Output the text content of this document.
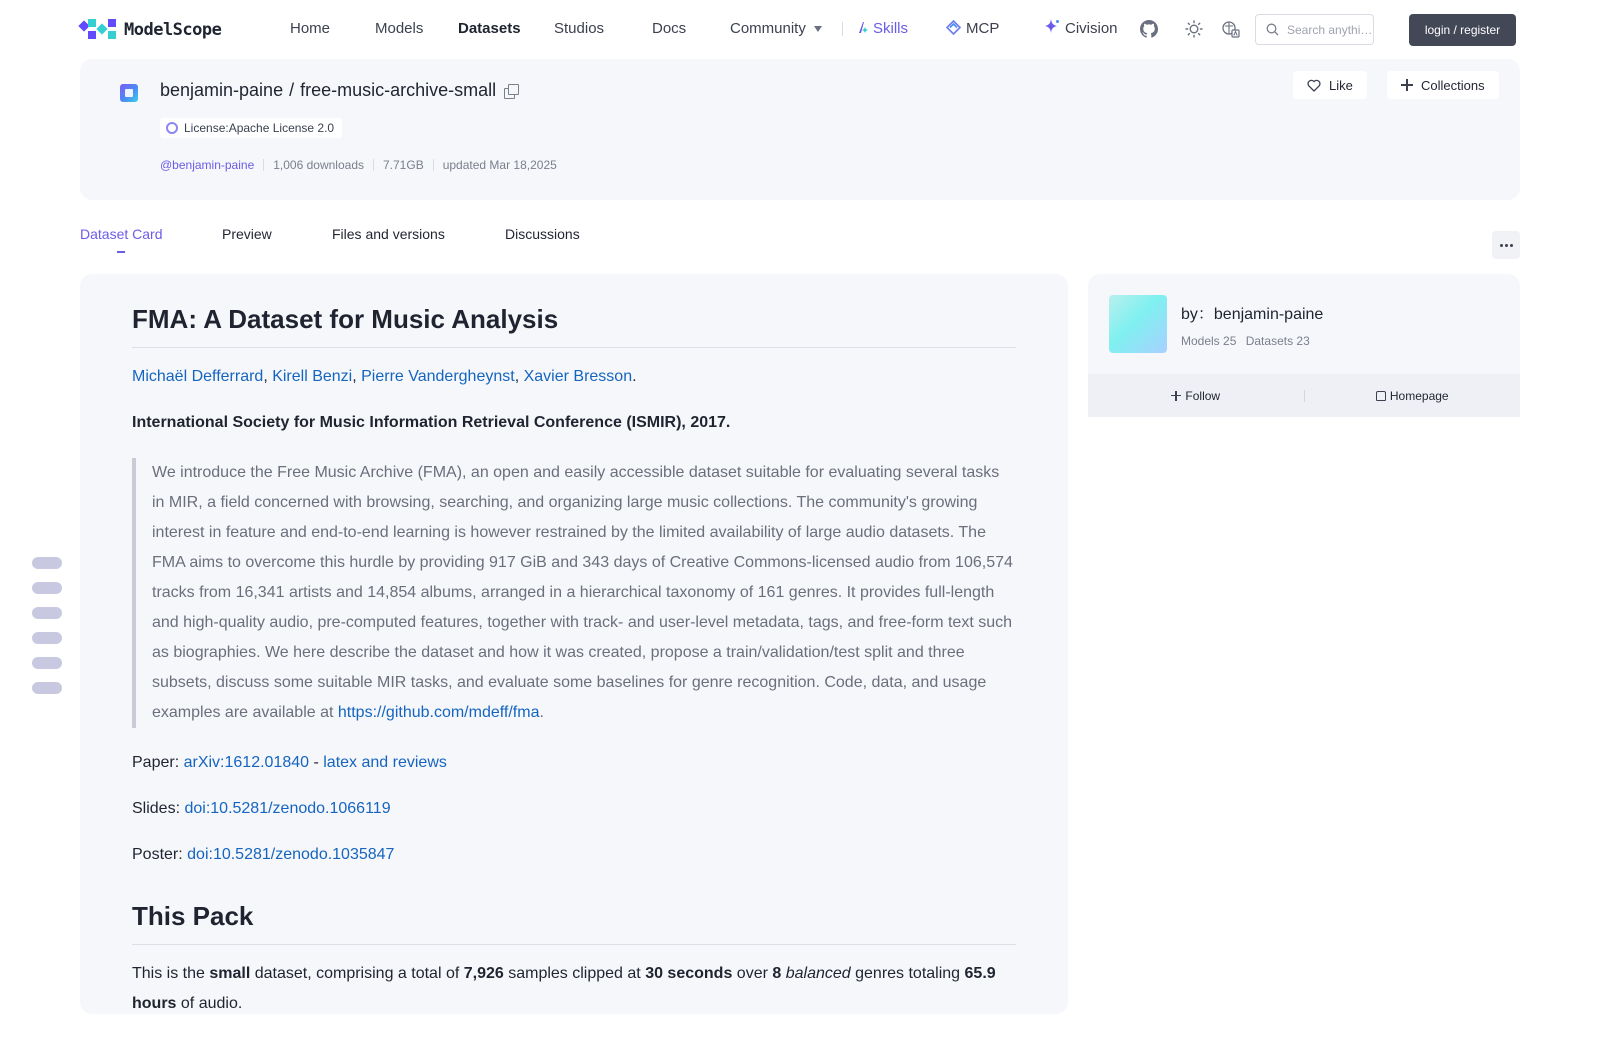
ModelScope	Home	Models Datasets Studios	Docs	Community	Skills	MCP	Civision
Search anythi…	login / register
benjamin-paine / free-music-archive-small
License:Apache License 2.0
@benjamin-paine 1,006 downloads 7.71GB updated Mar 18,2025
Like	Collections
Dataset Card	Preview	Files and versions	Discussions
FMA: A Dataset for Music Analysis

Michaël Defferrard, Kirell Benzi, Pierre Vandergheynst, Xavier Bresson.

International Society for Music Information Retrieval Conference (ISMIR), 2017.

We introduce the Free Music Archive (FMA), an open and easily accessible dataset suitable for evaluating several tasks in MIR, a field concerned with browsing, searching, and organizing large music collections. The community's growing interest in feature and end-to-end learning is however restrained by the limited availability of large audio datasets. The FMA aims to overcome this hurdle by providing 917 GiB and 343 days of Creative Commons-licensed audio from 106,574 tracks from 16,341 artists and 14,854 albums, arranged in a hierarchical taxonomy of 161 genres. It provides full-length and high-quality audio, pre-computed features, together with track- and user-level metadata, tags, and free-form text such as biographies. We here describe the dataset and how it was created, propose a train/validation/test split and three subsets, discuss some suitable MIR tasks, and evaluate some baselines for genre recognition. Code, data, and usage examples are available at https://github.com/mdeff/fma.

Paper: arXiv:1612.01840 - latex and reviews

Slides: doi:10.5281/zenodo.1066119

Poster: doi:10.5281/zenodo.1035847

This Pack

This is the small dataset, comprising a total of 7,926 samples clipped at 30 seconds over 8 balanced genres totaling 65.9 hours of audio.

by：benjamin-paine
Models 25 Datasets 23
Follow	Homepage
